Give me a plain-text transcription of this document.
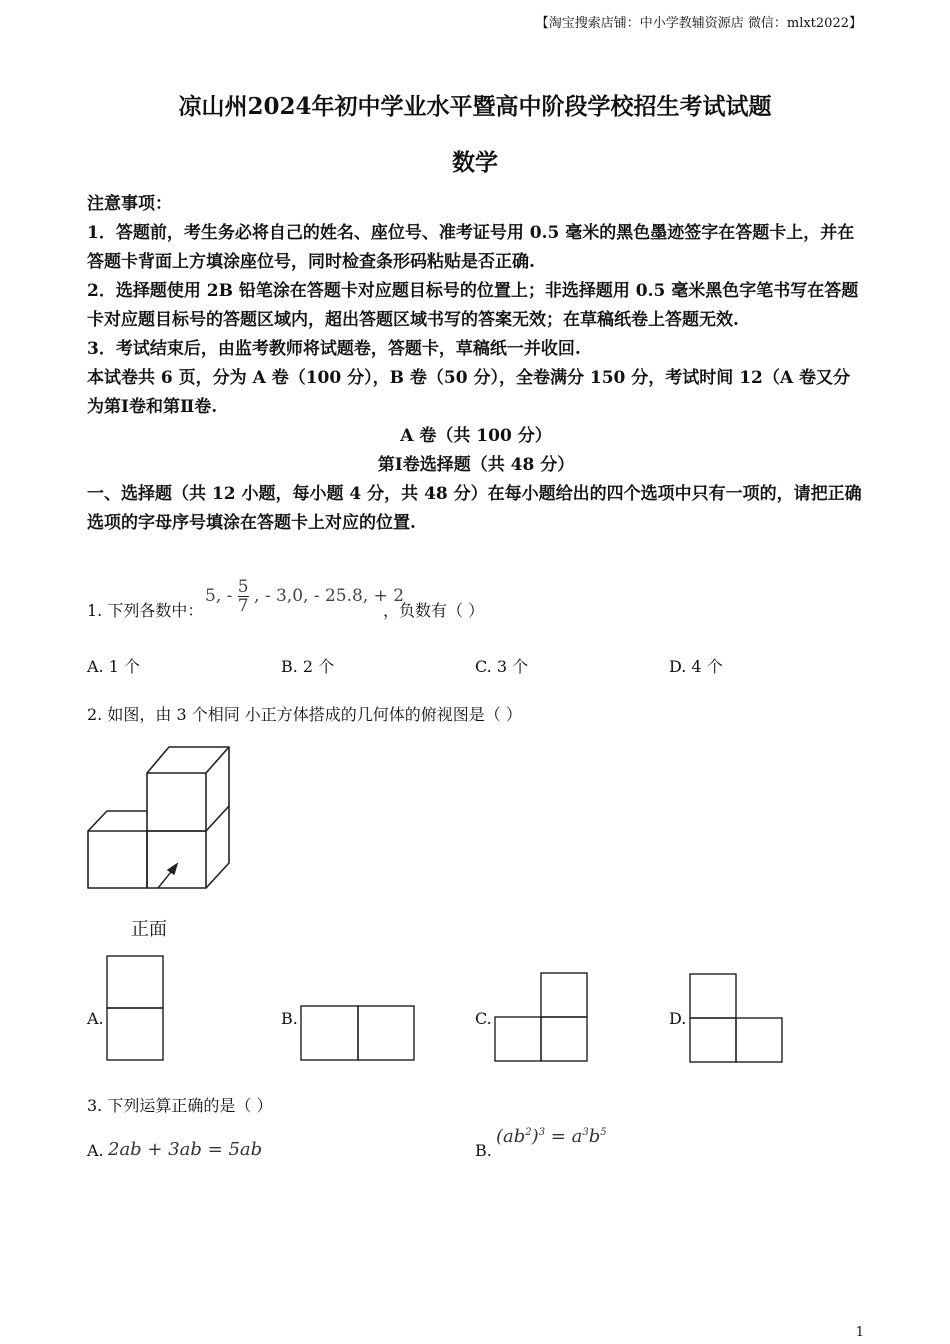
【淘宝搜索店铺：中小学教辅资源店 微信：mlxt2022】
凉山州2024年初中学业水平暨高中阶段学校招生考试试题
数学

注意事项：

1．答题前，考生务必将自己的姓名、座位号、准考证号用 0.5 毫米的黑色墨迹签字在答题卡上，并在答题卡背面上方填涂座位号，同时检查条形码粘贴是否正确.

2．选择题使用 2B 铅笔涂在答题卡对应题目标号的位置上；非选择题用 0.5 毫米黑色字笔书写在答题卡对应题目标号的答题区域内，超出答题区域书写的答案无效；在草稿纸卷上答题无效.

3．考试结束后，由监考教师将试题卷，答题卡，草稿纸一并收回.

本试卷共 6 页，分为 A 卷（100 分），B 卷（50 分），全卷满分 150 分，考试时间 12（A 卷又分为第Ⅰ卷和第Ⅱ卷.

A 卷（共 100 分）

第Ⅰ卷选择题（共 48 分）

一、选择题（共 12 小题，每小题 4 分，共 48 分）在每小题给出的四个选项中只有一项的，请把正确选项的字母序号填涂在答题卡上对应的位置.

1. 下列各数中：
5, - $\frac{5}{7}$ , - 3,0, - 25.8, + 2
，负数有（ ）
A. 1 个	B. 2 个	C. 3 个	D. 4 个
2. 如图，由 3 个相同 小正方体搭成的几何体的俯视图是（ ）
正面
A.	B.	C.	D.
3. 下列运算正确的是（ ）
A. 2ab + 3ab = 5ab	B.
$(ab^2)^3 = a^3b^5$
1
